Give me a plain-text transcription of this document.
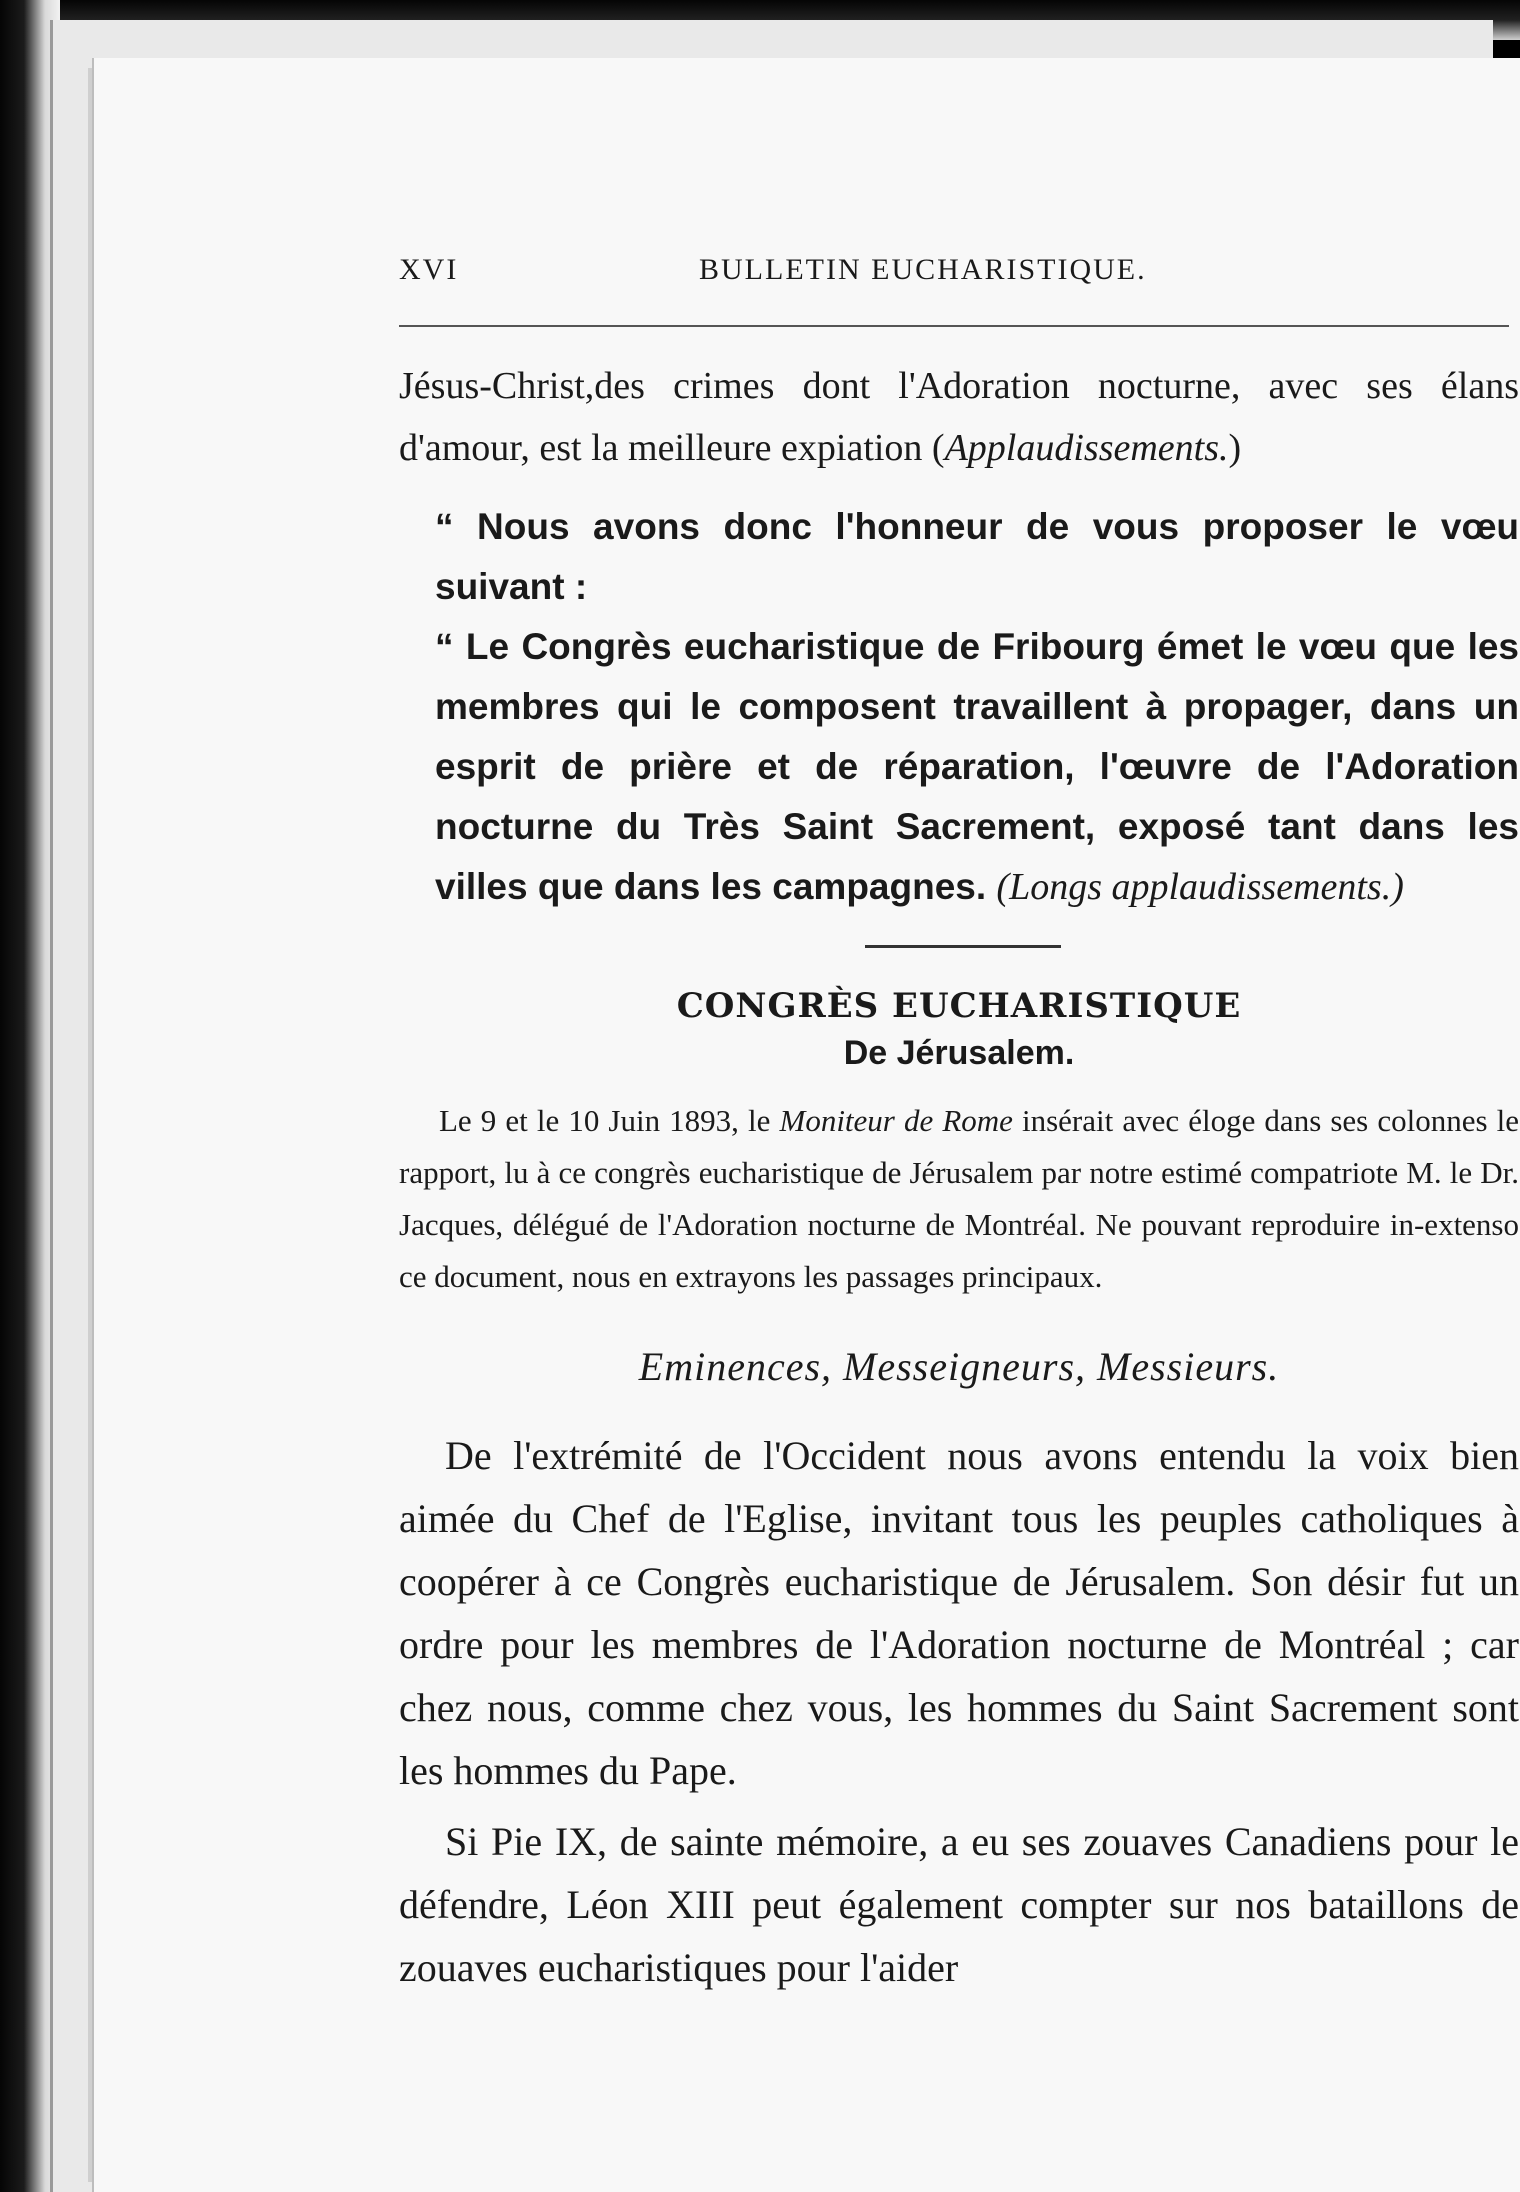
XVI	BULLETIN EUCHARISTIQUE.

Jésus-Christ,des crimes dont l'Adoration nocturne, avec ses élans d'amour, est la meilleure expiation (Applaudissements.)

“ Nous avons donc l'honneur de vous proposer le vœu suivant :

“ Le Congrès eucharistique de Fribourg émet le vœu que les membres qui le composent travaillent à propager, dans un esprit de prière et de réparation, l'œuvre de l'Adoration nocturne du Très Saint Sacrement, exposé tant dans les villes que dans les campagnes. (Longs applaudissements.)

CONGRÈS EUCHARISTIQUE
De Jérusalem.

Le 9 et le 10 Juin 1893, le Moniteur de Rome insérait avec éloge dans ses colonnes le rapport, lu à ce congrès eucharistique de Jérusalem par notre estimé compatriote M. le Dr. Jacques, délégué de l'Adoration nocturne de Montréal. Ne pouvant reproduire in-extenso ce document, nous en extrayons les passages principaux.

Eminences, Messeigneurs, Messieurs.

De l'extrémité de l'Occident nous avons entendu la voix bien aimée du Chef de l'Eglise, invitant tous les peuples catholiques à coopérer à ce Congrès eucharistique de Jérusalem. Son désir fut un ordre pour les membres de l'Adoration nocturne de Montréal ; car chez nous, comme chez vous, les hommes du Saint Sacrement sont les hommes du Pape.

Si Pie IX, de sainte mémoire, a eu ses zouaves Canadiens pour le défendre, Léon XIII peut également compter sur nos bataillons de zouaves eucharistiques pour l'aider
